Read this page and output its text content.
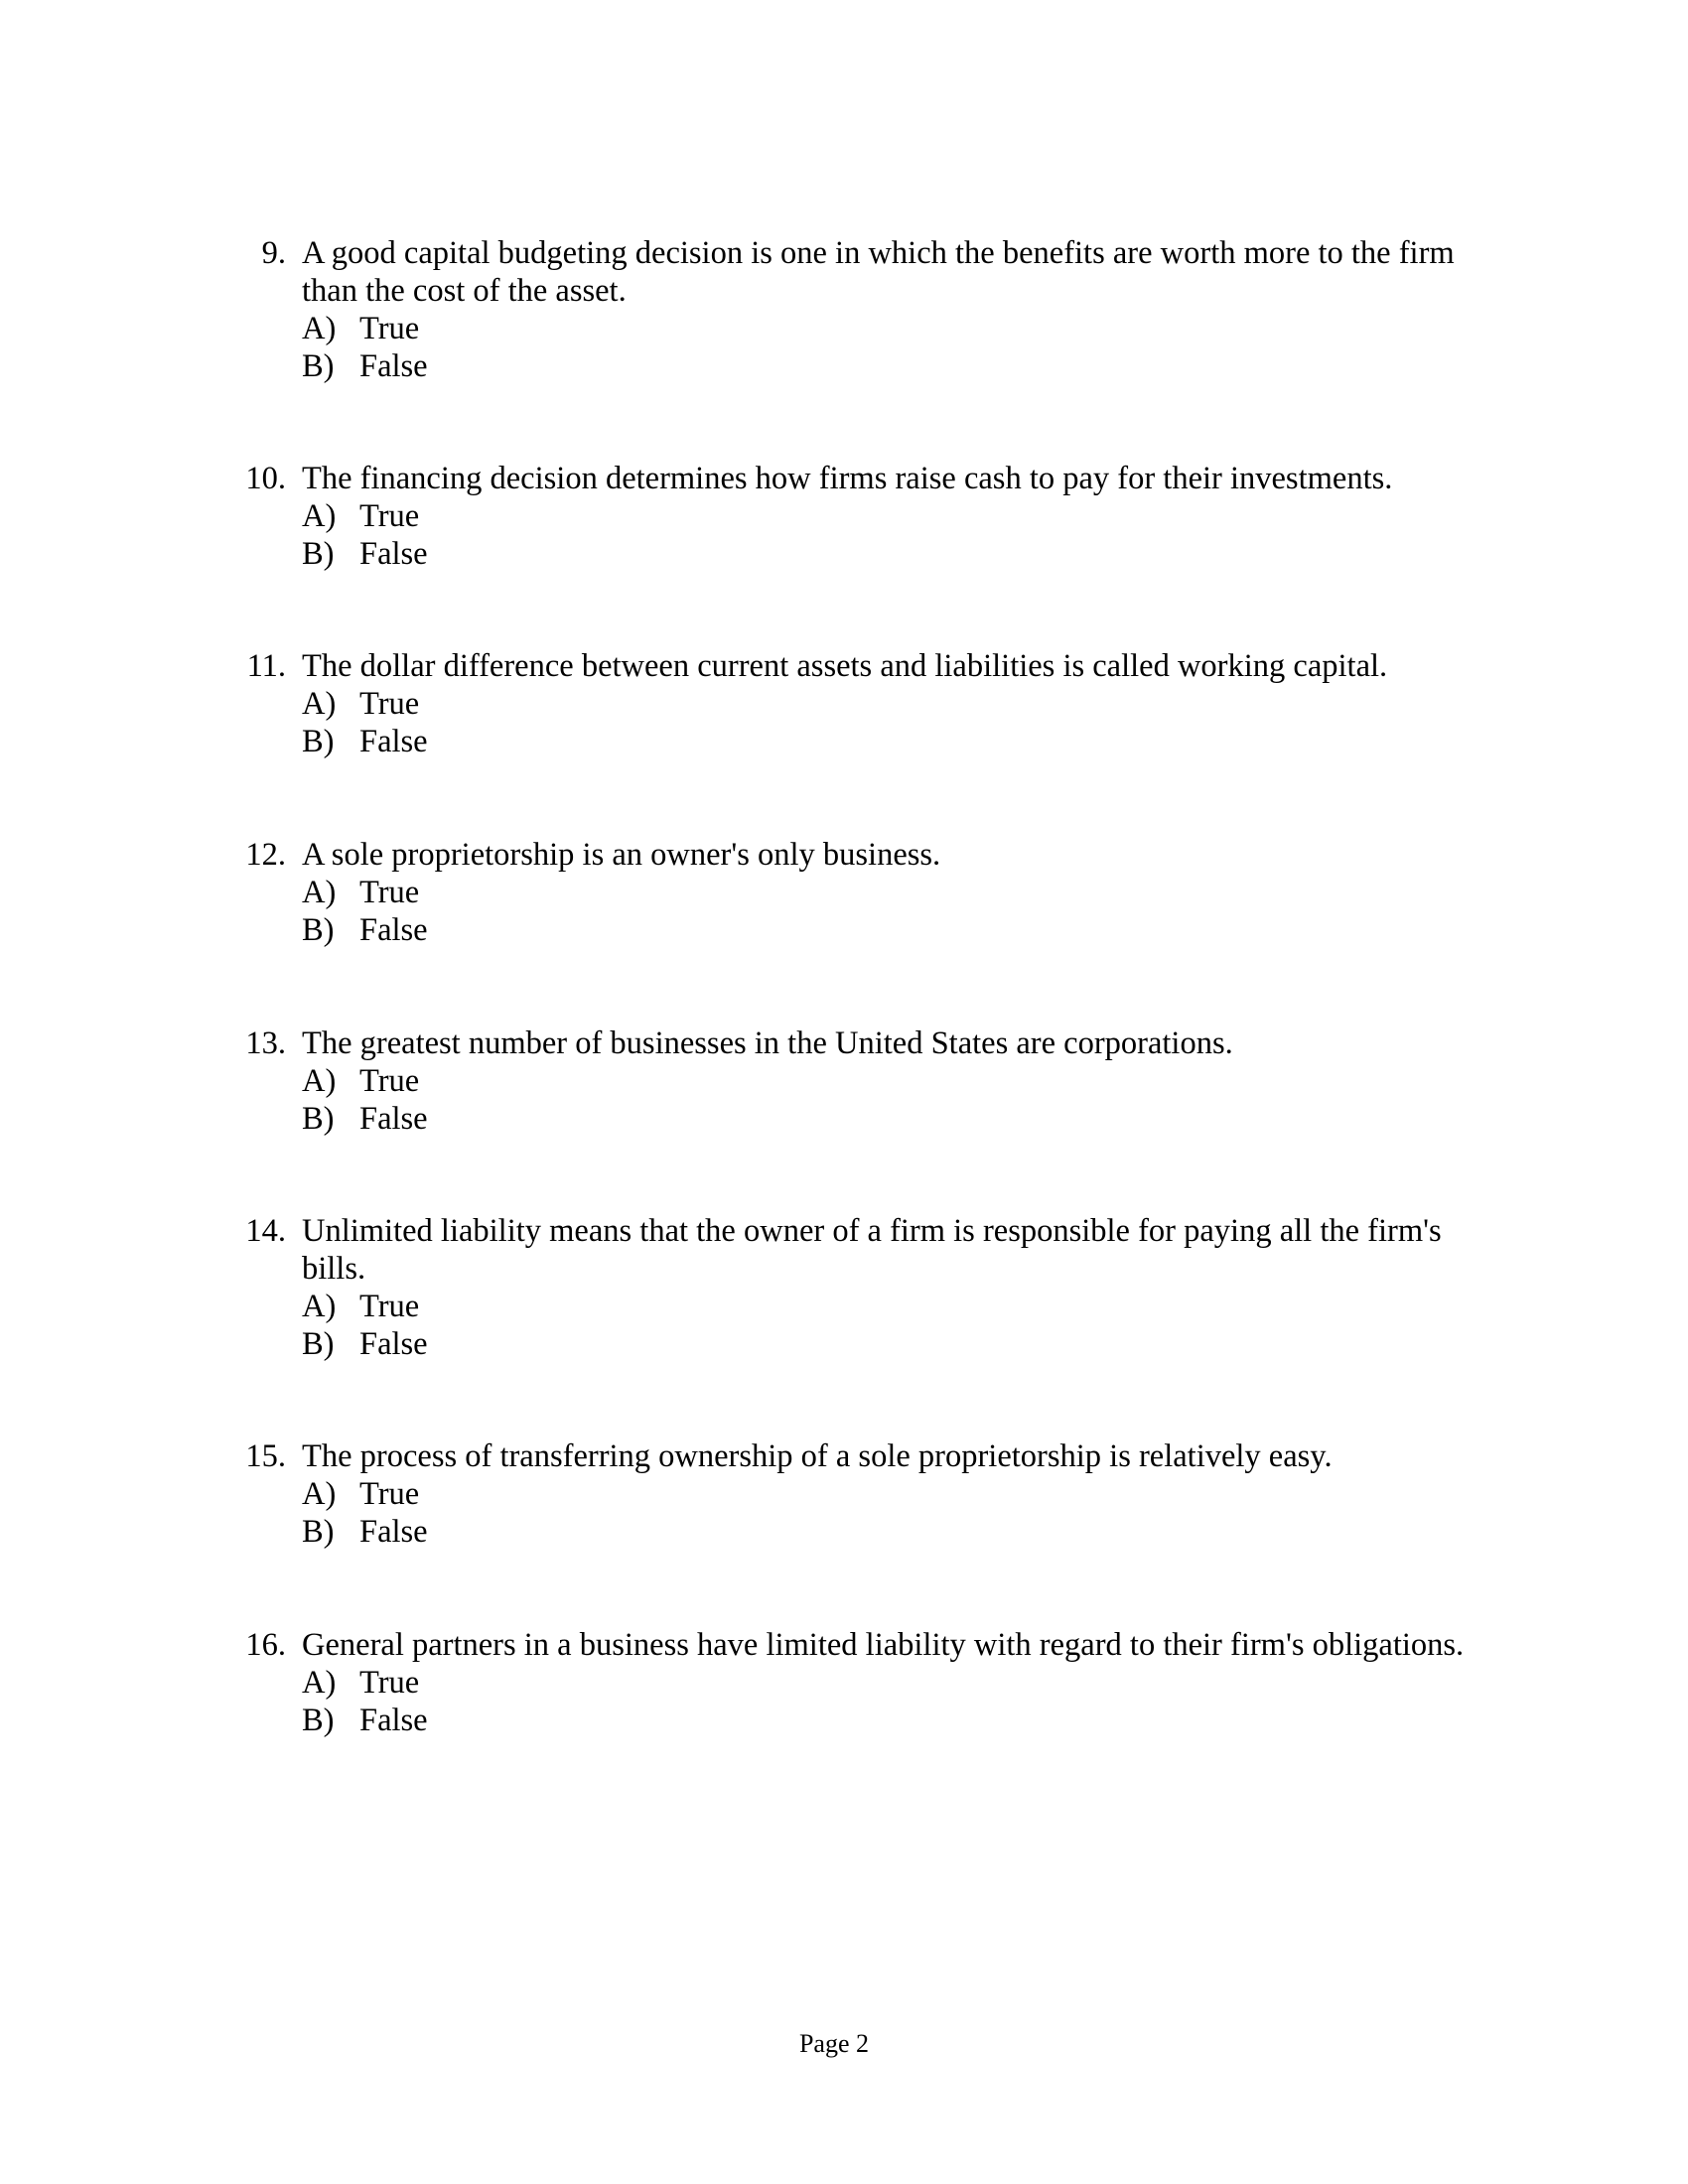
9. A good capital budgeting decision is one in which the benefits are worth more to the firm than the cost of the asset.

A) True
B) False
10. The financing decision determines how firms raise cash to pay for their investments.

A) True
B) False
11. The dollar difference between current assets and liabilities is called working capital.

A) True
B) False
12. A sole proprietorship is an owner's only business.

A) True
B) False
13. The greatest number of businesses in the United States are corporations.

A) True
B) False
14. Unlimited liability means that the owner of a firm is responsible for paying all the firm's bills.

A) True
B) False
15. The process of transferring ownership of a sole proprietorship is relatively easy.

A) True
B) False
16. General partners in a business have limited liability with regard to their firm's obligations.

A) True
B) False
Page 2
